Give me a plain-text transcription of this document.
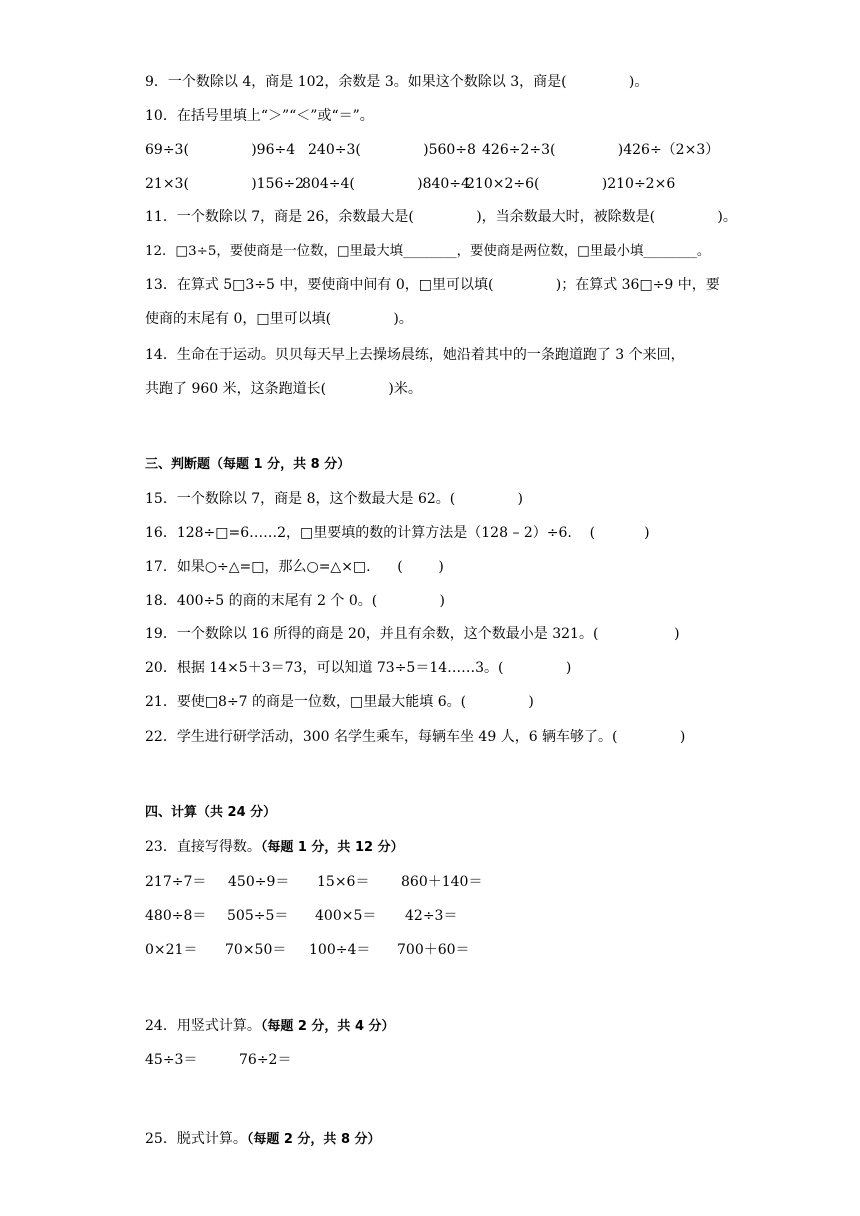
9．一个数除以 4，商是 102，余数是 3。如果这个数除以 3，商是(              )。
10．在括号里填上“＞”“＜”或“＝”。
69÷3(              )96÷4 240÷3(              )560÷8 426÷2÷3(              )426÷（2×3）
21×3(              )156÷2
804÷4(              )840÷4
210×2÷6(              )210÷2×6
11．一个数除以 7，商是 26，余数最大是(              )，当余数最大时，被除数是(              )。
12．□3÷5，要使商是一位数，□里最大填________，要使商是两位数，□里最小填________。
13．在算式 5□3÷5 中，要使商中间有 0，□里可以填(              )；在算式 36□÷9 中，要
使商的末尾有 0，□里可以填(              )。
14．生命在于运动。贝贝每天早上去操场晨练，她沿着其中的一条跑道跑了 3 个来回，
共跑了 960 米，这条跑道长(              )米。
三、判断题（每题 1 分，共 8 分）
15．一个数除以 7，商是 8，这个数最大是 62。(              )
16．128÷□=6……2，□里要填的数的计算方法是（128 – 2）÷6.    (           )
17．如果○÷△=□，那么○=△×□.      (        )
18．400÷5 的商的末尾有 2 个 0。(              )
19．一个数除以 16 所得的商是 20，并且有余数，这个数最小是 321。(                 )
20．根据 14×5＋3＝73，可以知道 73÷5＝14……3。(              )
21．要使□8÷7 的商是一位数，□里最大能填 6。(              )
22．学生进行研学活动，300 名学生乘车，每辆车坐 49 人，6 辆车够了。(              )
四、计算（共 24 分）
23．直接写得数。（每题 1 分，共 12 分）
217÷7＝ 450÷9＝ 15×6＝ 860＋140＝
480÷8＝ 505÷5＝ 400×5＝ 42÷3＝
0×21＝ 70×50＝ 100÷4＝ 700＋60＝
24．用竖式计算。（每题 2 分，共 4 分）
45÷3＝	76÷2＝
25．脱式计算。（每题 2 分，共 8 分）
